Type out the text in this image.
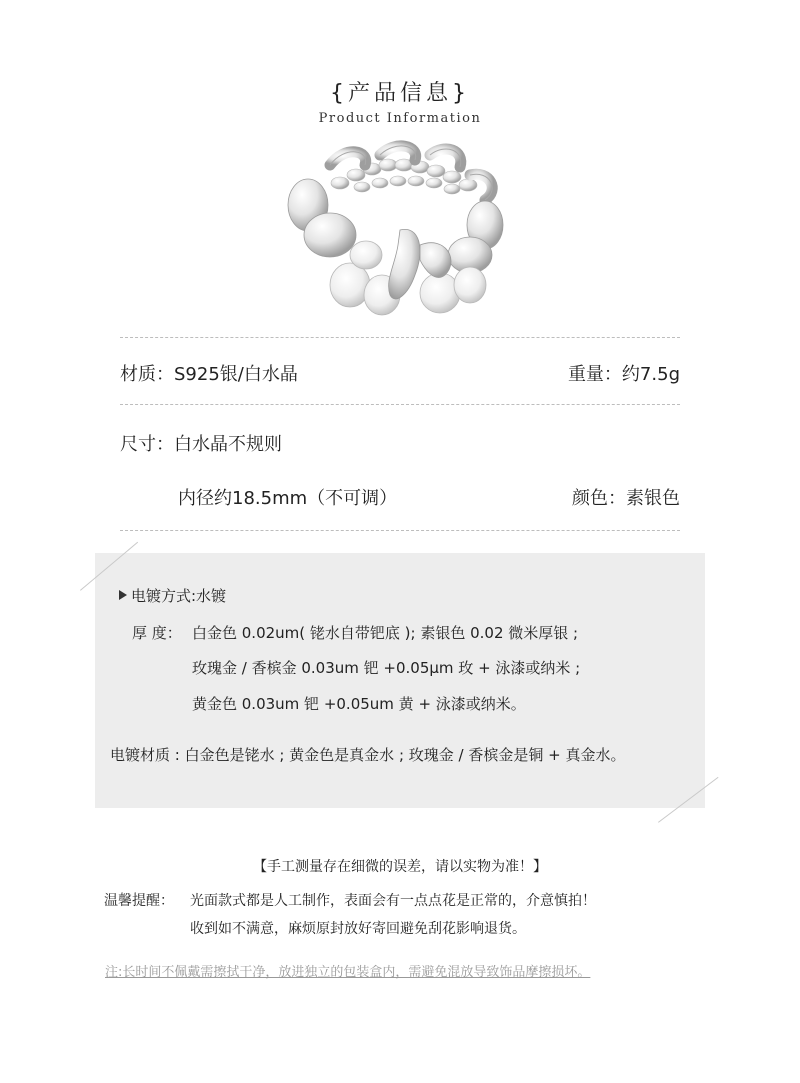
{产品信息}
Product Information
材质：S925银/白水晶	重量：约7.5g
尺寸：白水晶不规则
内径约18.5mm（不可调）	颜色：素银色
电镀方式:水镀
厚 度： 白金色 0.02um( 铑水自带钯底 ); 素银色 0.02 微米厚银 ;
玫瑰金 / 香槟金 0.03um 钯 +0.05μm 玫 + 泳漆或纳米 ;
黄金色 0.03um 钯 +0.05um 黄 + 泳漆或纳米。
电镀材质 : 白金色是铑水 ; 黄金色是真金水 ; 玫瑰金 / 香槟金是铜 + 真金水。
【手工测量存在细微的误差，请以实物为准！】
温馨提醒： 光面款式都是人工制作，表面会有一点点花是正常的，介意慎拍！
收到如不满意，麻烦原封放好寄回避免刮花影响退货。
注:长时间不佩戴需擦拭干净，放进独立的包装盒内，需避免混放导致饰品摩擦损坏。
